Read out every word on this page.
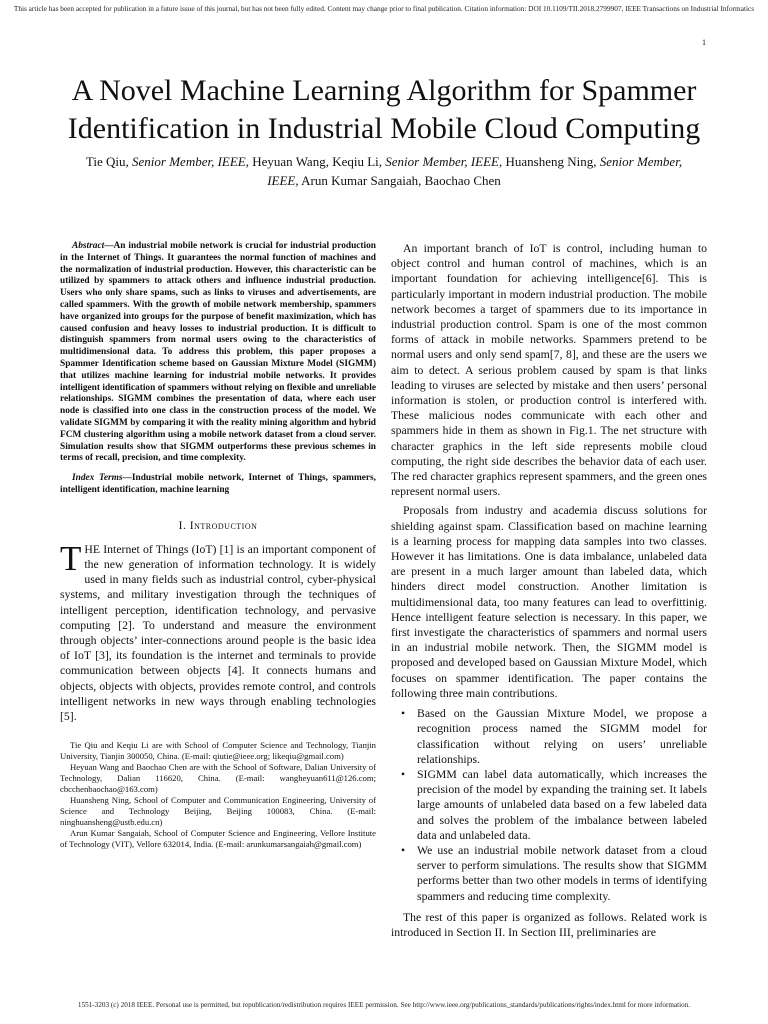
This article has been accepted for publication in a future issue of this journal, but has not been fully edited. Content may change prior to final publication. Citation information: DOI 10.1109/TII.2018.2799907, IEEE Transactions on Industrial Informatics
1
A Novel Machine Learning Algorithm for Spammer Identification in Industrial Mobile Cloud Computing

Tie Qiu, Senior Member, IEEE, Heyuan Wang, Keqiu Li, Senior Member, IEEE, Huansheng Ning, Senior Member, IEEE, Arun Kumar Sangaiah, Baochao Chen

Abstract—An industrial mobile network is crucial for industrial production in the Internet of Things. It guarantees the normal function of machines and the normalization of industrial production. However, this characteristic can be utilized by spammers to attack others and influence industrial production. Users who only share spams, such as links to viruses and advertisements, are called spammers. With the growth of mobile network membership, spammers have organized into groups for the purpose of benefit maximization, which has caused confusion and heavy losses to industrial production. It is difficult to distinguish spammers from normal users owing to the characteristics of multidimensional data. To address this problem, this paper proposes a Spammer Identification scheme based on Gaussian Mixture Model (SIGMM) that utilizes machine learning for industrial mobile networks. It provides intelligent identification of spammers without relying on flexible and unreliable relationships. SIGMM combines the presentation of data, where each user node is classified into one class in the construction process of the model. We validate SIGMM by comparing it with the reality mining algorithm and hybrid FCM clustering algorithm using a mobile network dataset from a cloud server. Simulation results show that SIGMM outperforms these previous schemes in terms of recall, precision, and time complexity.

Index Terms—Industrial mobile network, Internet of Things, spammers, intelligent identification, machine learning

I. Introduction

THE Internet of Things (IoT) [1] is an important component of the new generation of information technology. It is widely used in many fields such as industrial control, cyber-physical systems, and military investigation through the techniques of intelligent perception, identification technology, and pervasive computing [2]. To understand and measure the environment through objects’ inter-connections around people is the basic idea of IoT [3], its foundation is the internet and terminals to provide communication between objects [4]. It connects humans and objects, objects with objects, provides remote control, and controls intelligent networks in new ways through enabling technologies [5].

Tie Qiu and Keqiu Li are with School of Computer Science and Technology, Tianjin University, Tianjin 300050, China. (E-mail: qiutie@ieee.org; likeqiu@gmail.com)

Heyuan Wang and Baochao Chen are with the School of Software, Dalian University of Technology, Dalian 116620, China. (E-mail: wangheyuan611@126.com; cbcchenbaochao@163.com)

Huansheng Ning, School of Computer and Communication Engineering, University of Science and Technology Beijing, Beijing 100083, China. (E-mail: ninghuansheng@ustb.edu.cn)

Arun Kumar Sangaiah, School of Computer Science and Engineering, Vellore Institute of Technology (VIT), Vellore 632014, India. (E-mail: arunkumarsangaiah@gmail.com)

An important branch of IoT is control, including human to object control and human control of machines, which is an important foundation for achieving intelligence[6]. This is particularly important in modern industrial production. The mobile network becomes a target of spammers due to its importance in industrial production control. Spam is one of the most common forms of attack in mobile networks. Spammers pretend to be normal users and only send spam[7, 8], and these are the users we aim to detect. A serious problem caused by spam is that links leading to viruses are selected by mistake and then users’ personal information is stolen, or production control is interfered with. These malicious nodes communicate with each other and spammers hide in them as shown in Fig.1. The net structure with character graphics in the left side represents mobile cloud computing, the right side describes the behavior data of each user. The red character graphics represent spammers, and the green ones represent normal users.

Proposals from industry and academia discuss solutions for shielding against spam. Classification based on machine learning is a learning process for mapping data samples into two classes. However it has limitations. One is data imbalance, unlabeled data are present in a much larger amount than labeled data, which hinders direct model construction. Another limitation is multidimensional data, too many features can lead to overfittinig. Hence intelligent feature selection is necessary. In this paper, we first investigate the characteristics of spammers and normal users in an industrial mobile network. Then, the SIGMM model is proposed and developed based on Gaussian Mixture Model, which focuses on spammer identification. The paper contains the following three main contributions.

• Based on the Gaussian Mixture Model, we propose a recognition process named the SIGMM model for classification without relying on users’ unreliable relationships.
• SIGMM can label data automatically, which increases the precision of the model by expanding the training set. It labels large amounts of unlabeled data based on a few labeled data and solves the problem of the imbalance between labeled data and unlabeled data.
• We use an industrial mobile network dataset from a cloud server to perform simulations. The results show that SIGMM performs better than two other models in terms of identifying spammers and reducing time complexity.

The rest of this paper is organized as follows. Related work is introduced in Section II. In Section III, preliminaries are

1551-3203 (c) 2018 IEEE. Personal use is permitted, but republication/redistribution requires IEEE permission. See http://www.ieee.org/publications_standards/publications/rights/index.html for more information.
